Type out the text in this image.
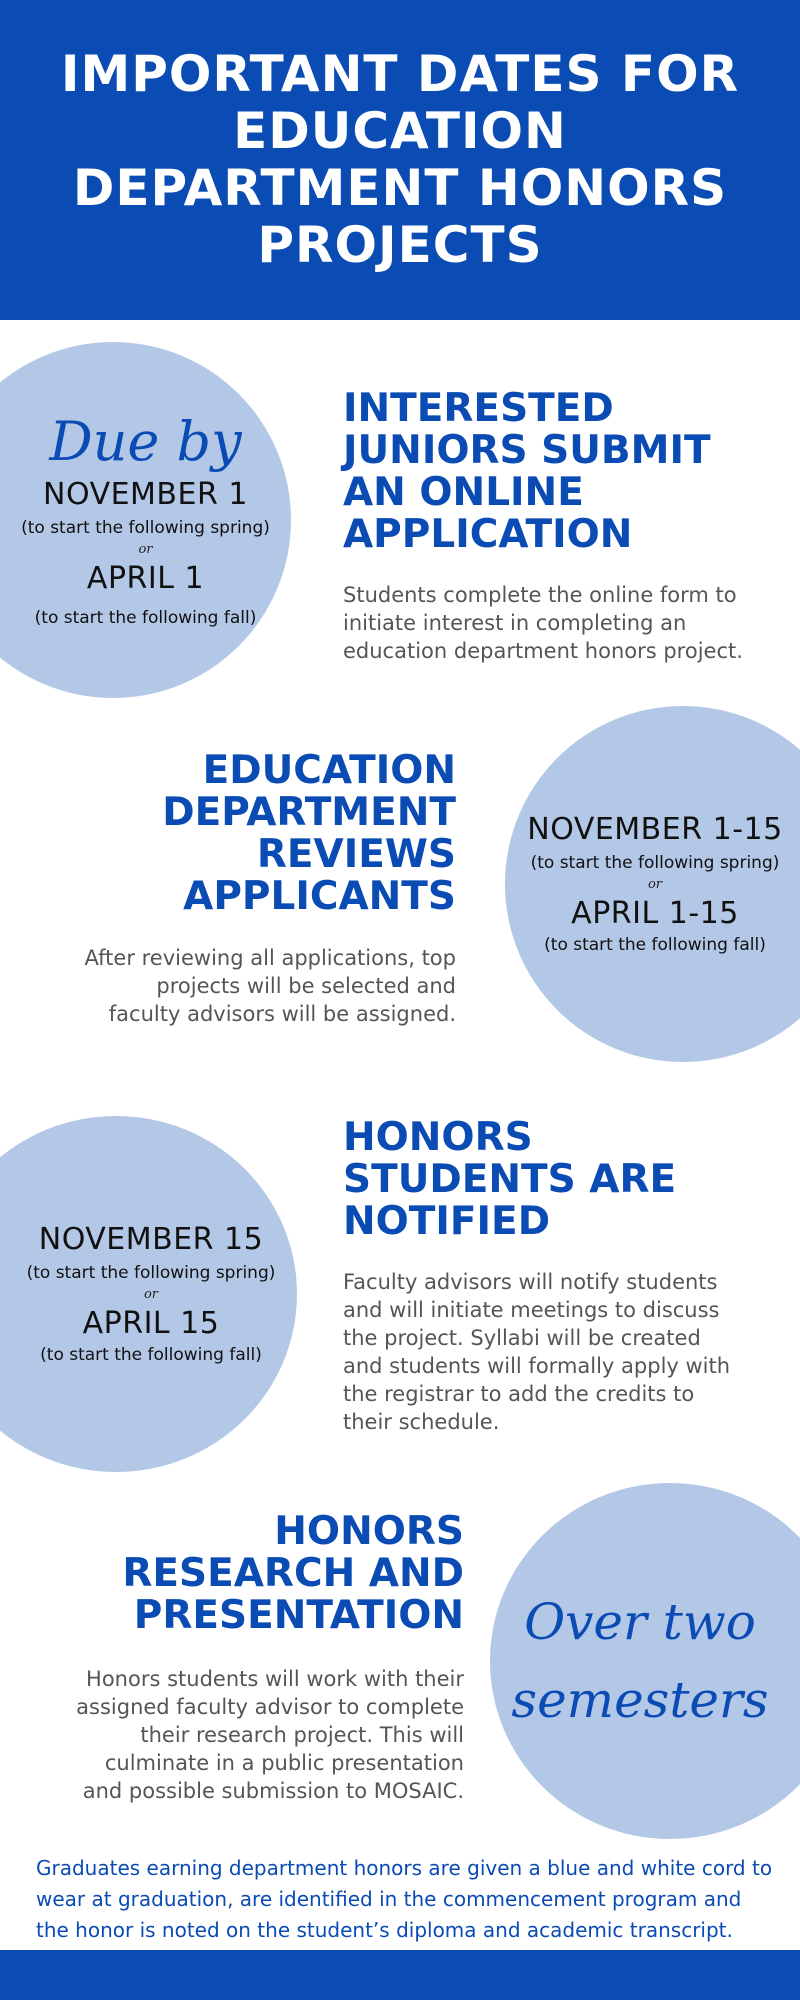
IMPORTANT DATES FOR EDUCATION DEPARTMENT HONORS PROJECTS
Due by
NOVEMBER 1
(to start the following spring)
or
APRIL 1
(to start the following fall)
INTERESTED JUNIORS SUBMIT AN ONLINE APPLICATION

Students complete the online form to initiate interest in completing an education department honors project.

EDUCATION DEPARTMENT REVIEWS APPLICANTS

After reviewing all applications, top projects will be selected and faculty advisors will be assigned.

NOVEMBER 1-15
(to start the following spring)
or
APRIL 1-15
(to start the following fall)
NOVEMBER 15
(to start the following spring)
or
APRIL 15
(to start the following fall)
HONORS STUDENTS ARE NOTIFIED

Faculty advisors will notify students and will initiate meetings to discuss the project. Syllabi will be created and students will formally apply with the registrar to add the credits to their schedule.

HONORS RESEARCH AND PRESENTATION

Honors students will work with their assigned faculty advisor to complete their research project. This will culminate in a public presentation and possible submission to MOSAIC.

Over two
semesters

Graduates earning department honors are given a blue and white cord to wear at graduation, are identified in the commencement program and the honor is noted on the student’s diploma and academic transcript.
